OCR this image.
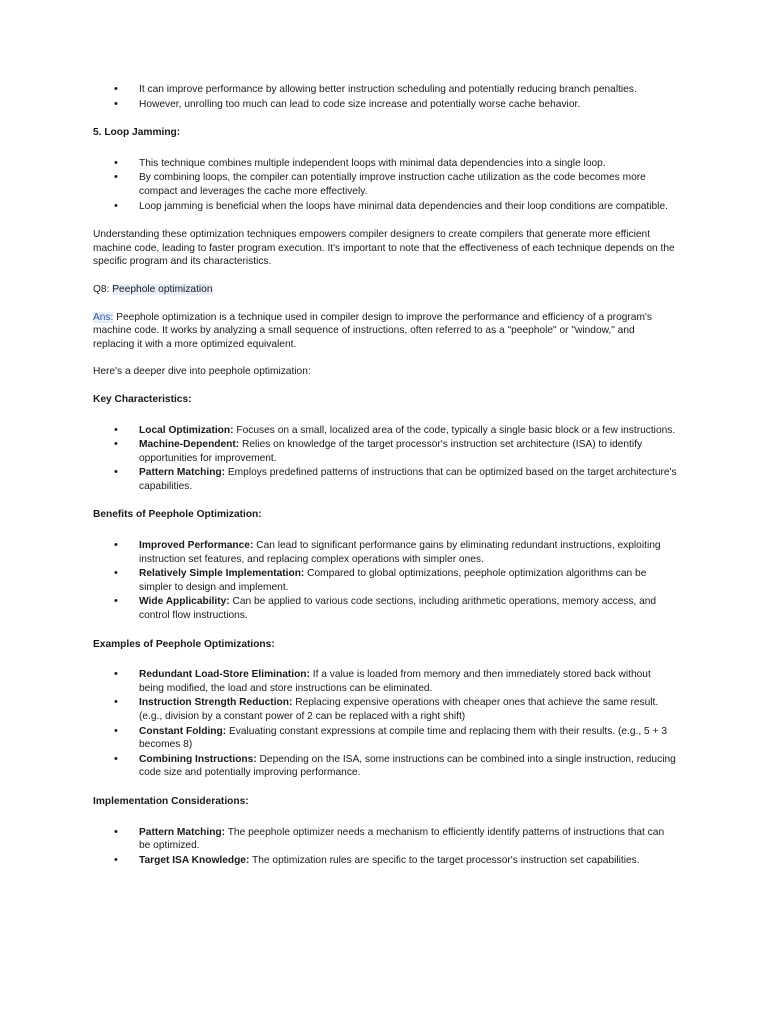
• It can improve performance by allowing better instruction scheduling and potentially reducing branch penalties.
• However, unrolling too much can lead to code size increase and potentially worse cache behavior.

5. Loop Jamming:

• This technique combines multiple independent loops with minimal data dependencies into a single loop.
• By combining loops, the compiler can potentially improve instruction cache utilization as the code becomes more compact and leverages the cache more effectively.
• Loop jamming is beneficial when the loops have minimal data dependencies and their loop conditions are compatible.

Understanding these optimization techniques empowers compiler designers to create compilers that generate more efficient machine code, leading to faster program execution. It's important to note that the effectiveness of each technique depends on the specific program and its characteristics.

Q8: Peephole optimization

Ans: Peephole optimization is a technique used in compiler design to improve the performance and efficiency of a program's machine code. It works by analyzing a small sequence of instructions, often referred to as a "peephole" or "window," and replacing it with a more optimized equivalent.

Here's a deeper dive into peephole optimization:

Key Characteristics:

• Local Optimization: Focuses on a small, localized area of the code, typically a single basic block or a few instructions.
• Machine-Dependent: Relies on knowledge of the target processor's instruction set architecture (ISA) to identify opportunities for improvement.
• Pattern Matching: Employs predefined patterns of instructions that can be optimized based on the target architecture's capabilities.

Benefits of Peephole Optimization:

• Improved Performance: Can lead to significant performance gains by eliminating redundant instructions, exploiting instruction set features, and replacing complex operations with simpler ones.
• Relatively Simple Implementation: Compared to global optimizations, peephole optimization algorithms can be simpler to design and implement.
• Wide Applicability: Can be applied to various code sections, including arithmetic operations, memory access, and control flow instructions.

Examples of Peephole Optimizations:

• Redundant Load-Store Elimination: If a value is loaded from memory and then immediately stored back without being modified, the load and store instructions can be eliminated.
• Instruction Strength Reduction: Replacing expensive operations with cheaper ones that achieve the same result. (e.g., division by a constant power of 2 can be replaced with a right shift)
• Constant Folding: Evaluating constant expressions at compile time and replacing them with their results. (e.g., 5 + 3 becomes 8)
• Combining Instructions: Depending on the ISA, some instructions can be combined into a single instruction, reducing code size and potentially improving performance.

Implementation Considerations:

• Pattern Matching: The peephole optimizer needs a mechanism to efficiently identify patterns of instructions that can be optimized.
• Target ISA Knowledge: The optimization rules are specific to the target processor's instruction set capabilities.
